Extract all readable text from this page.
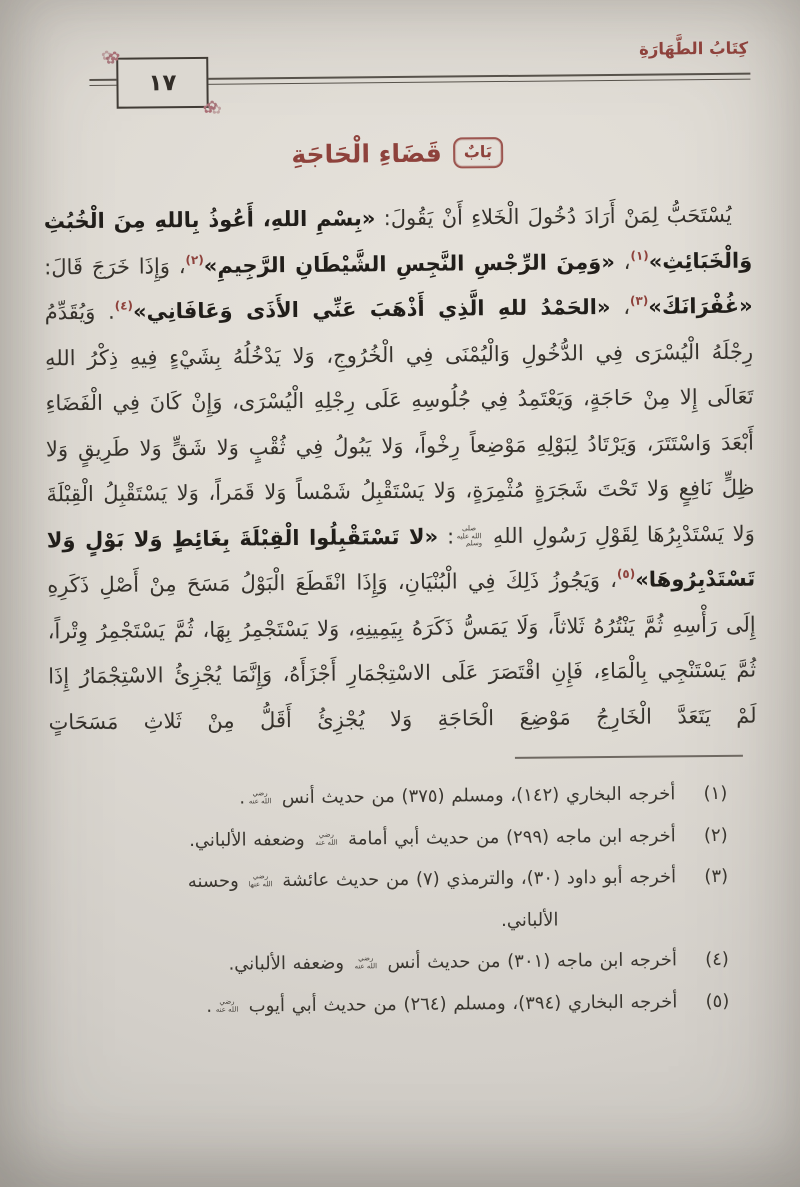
كِتَابُ الطَّهَارَةِ
✿
١٧
✿
بَابٌ
قَضَاءِ الْحَاجَةِ

يُسْتَحَبُّ لِمَنْ أَرَادَ دُخُولَ الْخَلاءِ أَنْ يَقُولَ: «بِسْمِ اللهِ، أَعُوذُ بِاللهِ مِنَ الْخُبُثِ وَالْخَبَائِثِ»$^{(١)}$، «وَمِنَ الرِّجْسِ النَّجِسِ الشَّيْطَانِ الرَّجِيمِ»$^{(٢)}$، وَإِذَا خَرَجَ قَالَ: «غُفْرَانَكَ»$^{(٣)}$، «الحَمْدُ للهِ الَّذِي أَذْهَبَ عَنِّي الأَذَى وَعَافَانِي»$^{(٤)}$. وَيُقَدِّمُ رِجْلَهُ الْيُسْرَى فِي الدُّخُولِ وَالْيُمْنَى فِي الْخُرُوجِ، وَلا يَدْخُلُهُ بِشَيْءٍ فِيهِ ذِكْرُ اللهِ تَعَالَى إِلا مِنْ حَاجَةٍ، وَيَعْتَمِدُ فِي جُلُوسِهِ عَلَى رِجْلِهِ الْيُسْرَى، وَإِنْ كَانَ فِي الْفَضَاءِ أَبْعَدَ وَاسْتَتَرَ، وَيَرْتَادُ لِبَوْلِهِ مَوْضِعاً رِخْواً، وَلا يَبُولُ فِي ثُقْبٍ وَلا شَقٍّ وَلا طَرِيقٍ وَلا ظِلٍّ نَافِعٍ وَلا تَحْتَ شَجَرَةٍ مُثْمِرَةٍ، وَلا يَسْتَقْبِلُ شَمْساً وَلا قَمَراً، وَلا يَسْتَقْبِلُ الْقِبْلَةَ وَلا يَسْتَدْبِرُهَا لِقَوْلِ رَسُولِ اللهِ صلى الله عليه وسلم: «لا تَسْتَقْبِلُوا الْقِبْلَةَ بِغَائِطٍ وَلا بَوْلٍ وَلا تَسْتَدْبِرُوهَا»$^{(٥)}$، وَيَجُوزُ ذَلِكَ فِي الْبُنْيَانِ، وَإِذَا انْقَطَعَ الْبَوْلُ مَسَحَ مِنْ أَصْلِ ذَكَرِهِ إِلَى رَأْسِهِ ثُمَّ يَنْتُرُهُ ثَلاثاً، وَلَا يَمَسُّ ذَكَرَهُ بِيَمِينِهِ، وَلا يَسْتَجْمِرُ بِهَا، ثُمَّ يَسْتَجْمِرُ وِتْراً، ثُمَّ يَسْتَنْجِي بِالْمَاءِ، فَإِنِ اقْتَصَرَ عَلَى الاسْتِجْمَارِ أَجْزَأَهُ، وَإِنَّمَا يُجْزِئُ الاسْتِجْمَارُ إِذَا لَمْ يَتَعَدَّ الْخَارِجُ مَوْضِعَ الْحَاجَةِ وَلا يُجْزِئُ أَقَلُّ مِنْ ثَلاثِ مَسَحَاتٍ

(١)
أخرجه البخاري (١٤٢)، ومسلم (٣٧٥) من حديث أنس رضي الله عنه.
(٢)
أخرجه ابن ماجه (٢٩٩) من حديث أبي أمامة رضي الله عنه وضعفه الألباني.
(٣)
أخرجه أبو داود (٣٠)، والترمذي (٧) من حديث عائشة رضي الله عنها وحسنه
الألباني.
(٤)
أخرجه ابن ماجه (٣٠١) من حديث أنس رضي الله عنه وضعفه الألباني.
(٥)
أخرجه البخاري (٣٩٤)، ومسلم (٢٦٤) من حديث أبي أيوب رضي الله عنه.
